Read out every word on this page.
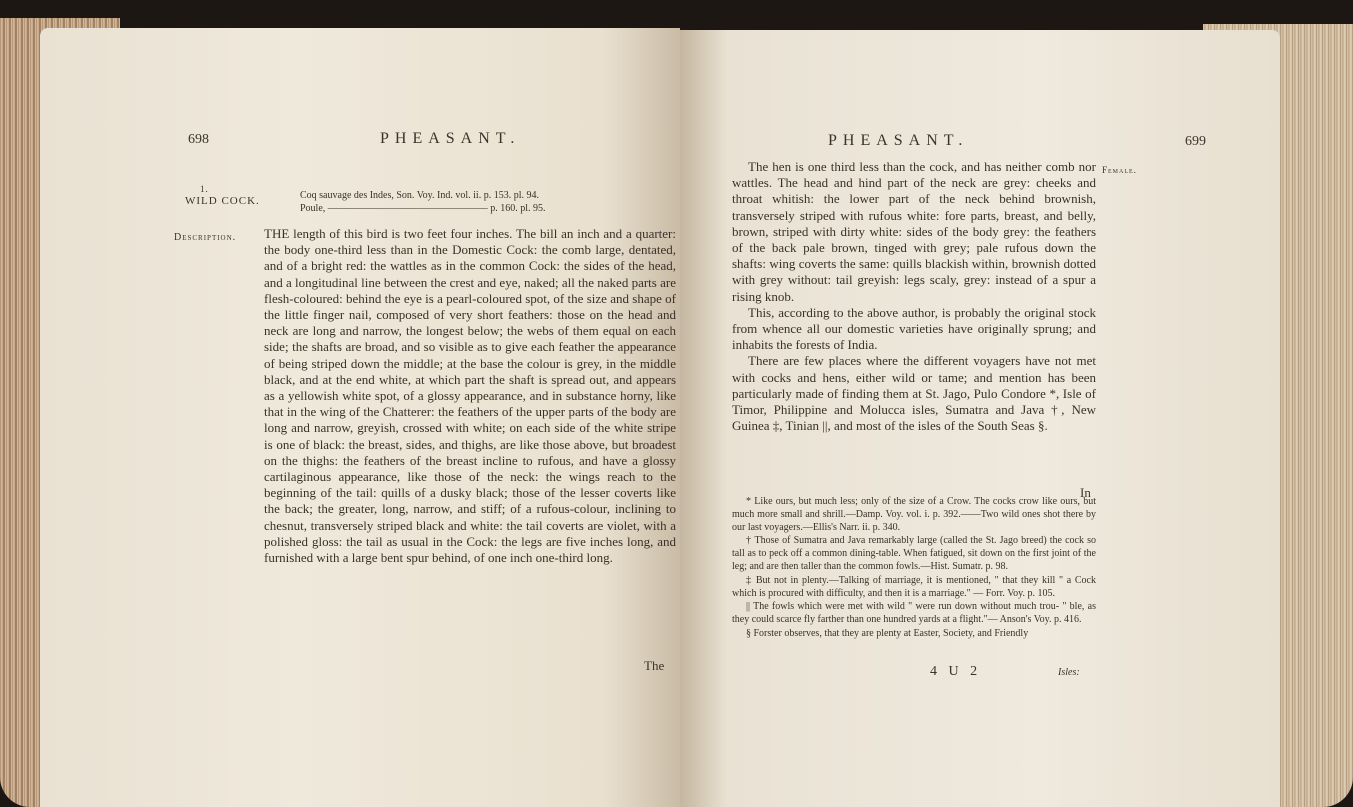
698	PHEASANT.
1.
WILD COCK.
Description.
Coq sauvage des Indes, Son. Voy. Ind. vol. ii. p. 153. pl. 94.
Poule, ———————————————— p. 160. pl. 95.
THE length of this bird is two feet four inches. The bill an inch and a quarter: the body one-third less than in the Domestic Cock: the comb large, dentated, and of a bright red: the wattles as in the common Cock: the sides of the head, and a longitudinal line between the crest and eye, naked; all the naked parts are flesh-coloured: behind the eye is a pearl-coloured spot, of the size and shape of the little finger nail, composed of very short feathers: those on the head and neck are long and narrow, the longest below; the webs of them equal on each side; the shafts are broad, and so visible as to give each feather the appearance of being striped down the middle; at the base the colour is grey, in the middle black, and at the end white, at which part the shaft is spread out, and appears as a yellowish white spot, of a glossy appearance, and in substance horny, like that in the wing of the Chatterer: the feathers of the upper parts of the body are long and narrow, greyish, crossed with white; on each side of the white stripe is one of black: the breast, sides, and thighs, are like those above, but broadest on the thighs: the feathers of the breast incline to rufous, and have a glossy cartilaginous appearance, like those of the neck: the wings reach to the beginning of the tail: quills of a dusky black; those of the lesser coverts like the back; the greater, long, narrow, and stiff; of a rufous-colour, inclining to chesnut, transversely striped black and white: the tail coverts are violet, with a polished gloss: the tail as usual in the Cock: the legs are five inches long, and furnished with a large bent spur behind, of one inch one-third long.
The
PHEASANT.	699
Female.

The hen is one third less than the cock, and has neither comb nor wattles. The head and hind part of the neck are grey: cheeks and throat whitish: the lower part of the neck behind brownish, transversely striped with rufous white: fore parts, breast, and belly, brown, striped with dirty white: sides of the body grey: the feathers of the back pale brown, tinged with grey; pale rufous down the shafts: wing coverts the same: quills blackish within, brownish dotted with grey without: tail greyish: legs scaly, grey: instead of a spur a rising knob.

This, according to the above author, is probably the original stock from whence all our domestic varieties have originally sprung; and inhabits the forests of India.

There are few places where the different voyagers have not met with cocks and hens, either wild or tame; and mention has been particularly made of finding them at St. Jago, Pulo Condore *, Isle of Timor, Philippine and Molucca isles, Sumatra and Java †, New Guinea ‡, Tinian ||, and most of the isles of the South Seas §.

In

* Like ours, but much less; only of the size of a Crow. The cocks crow like ours, but much more small and shrill.—Damp. Voy. vol. i. p. 392.——Two wild ones shot there by our last voyagers.—Ellis's Narr. ii. p. 340.

† Those of Sumatra and Java remarkably large (called the St. Jago breed) the cock so tall as to peck off a common dining-table. When fatigued, sit down on the first joint of the leg; and are then taller than the common fowls.—Hist. Sumatr. p. 98.

‡ But not in plenty.—Talking of marriage, it is mentioned, " that they kill " a Cock which is procured with difficulty, and then it is a marriage." — Forr. Voy. p. 105.

|| The fowls which were met with wild " were run down without much trou- " ble, as they could scarce fly farther than one hundred yards at a flight."— Anson's Voy. p. 416.

§ Forster observes, that they are plenty at Easter, Society, and Friendly

4 U 2	Isles:
